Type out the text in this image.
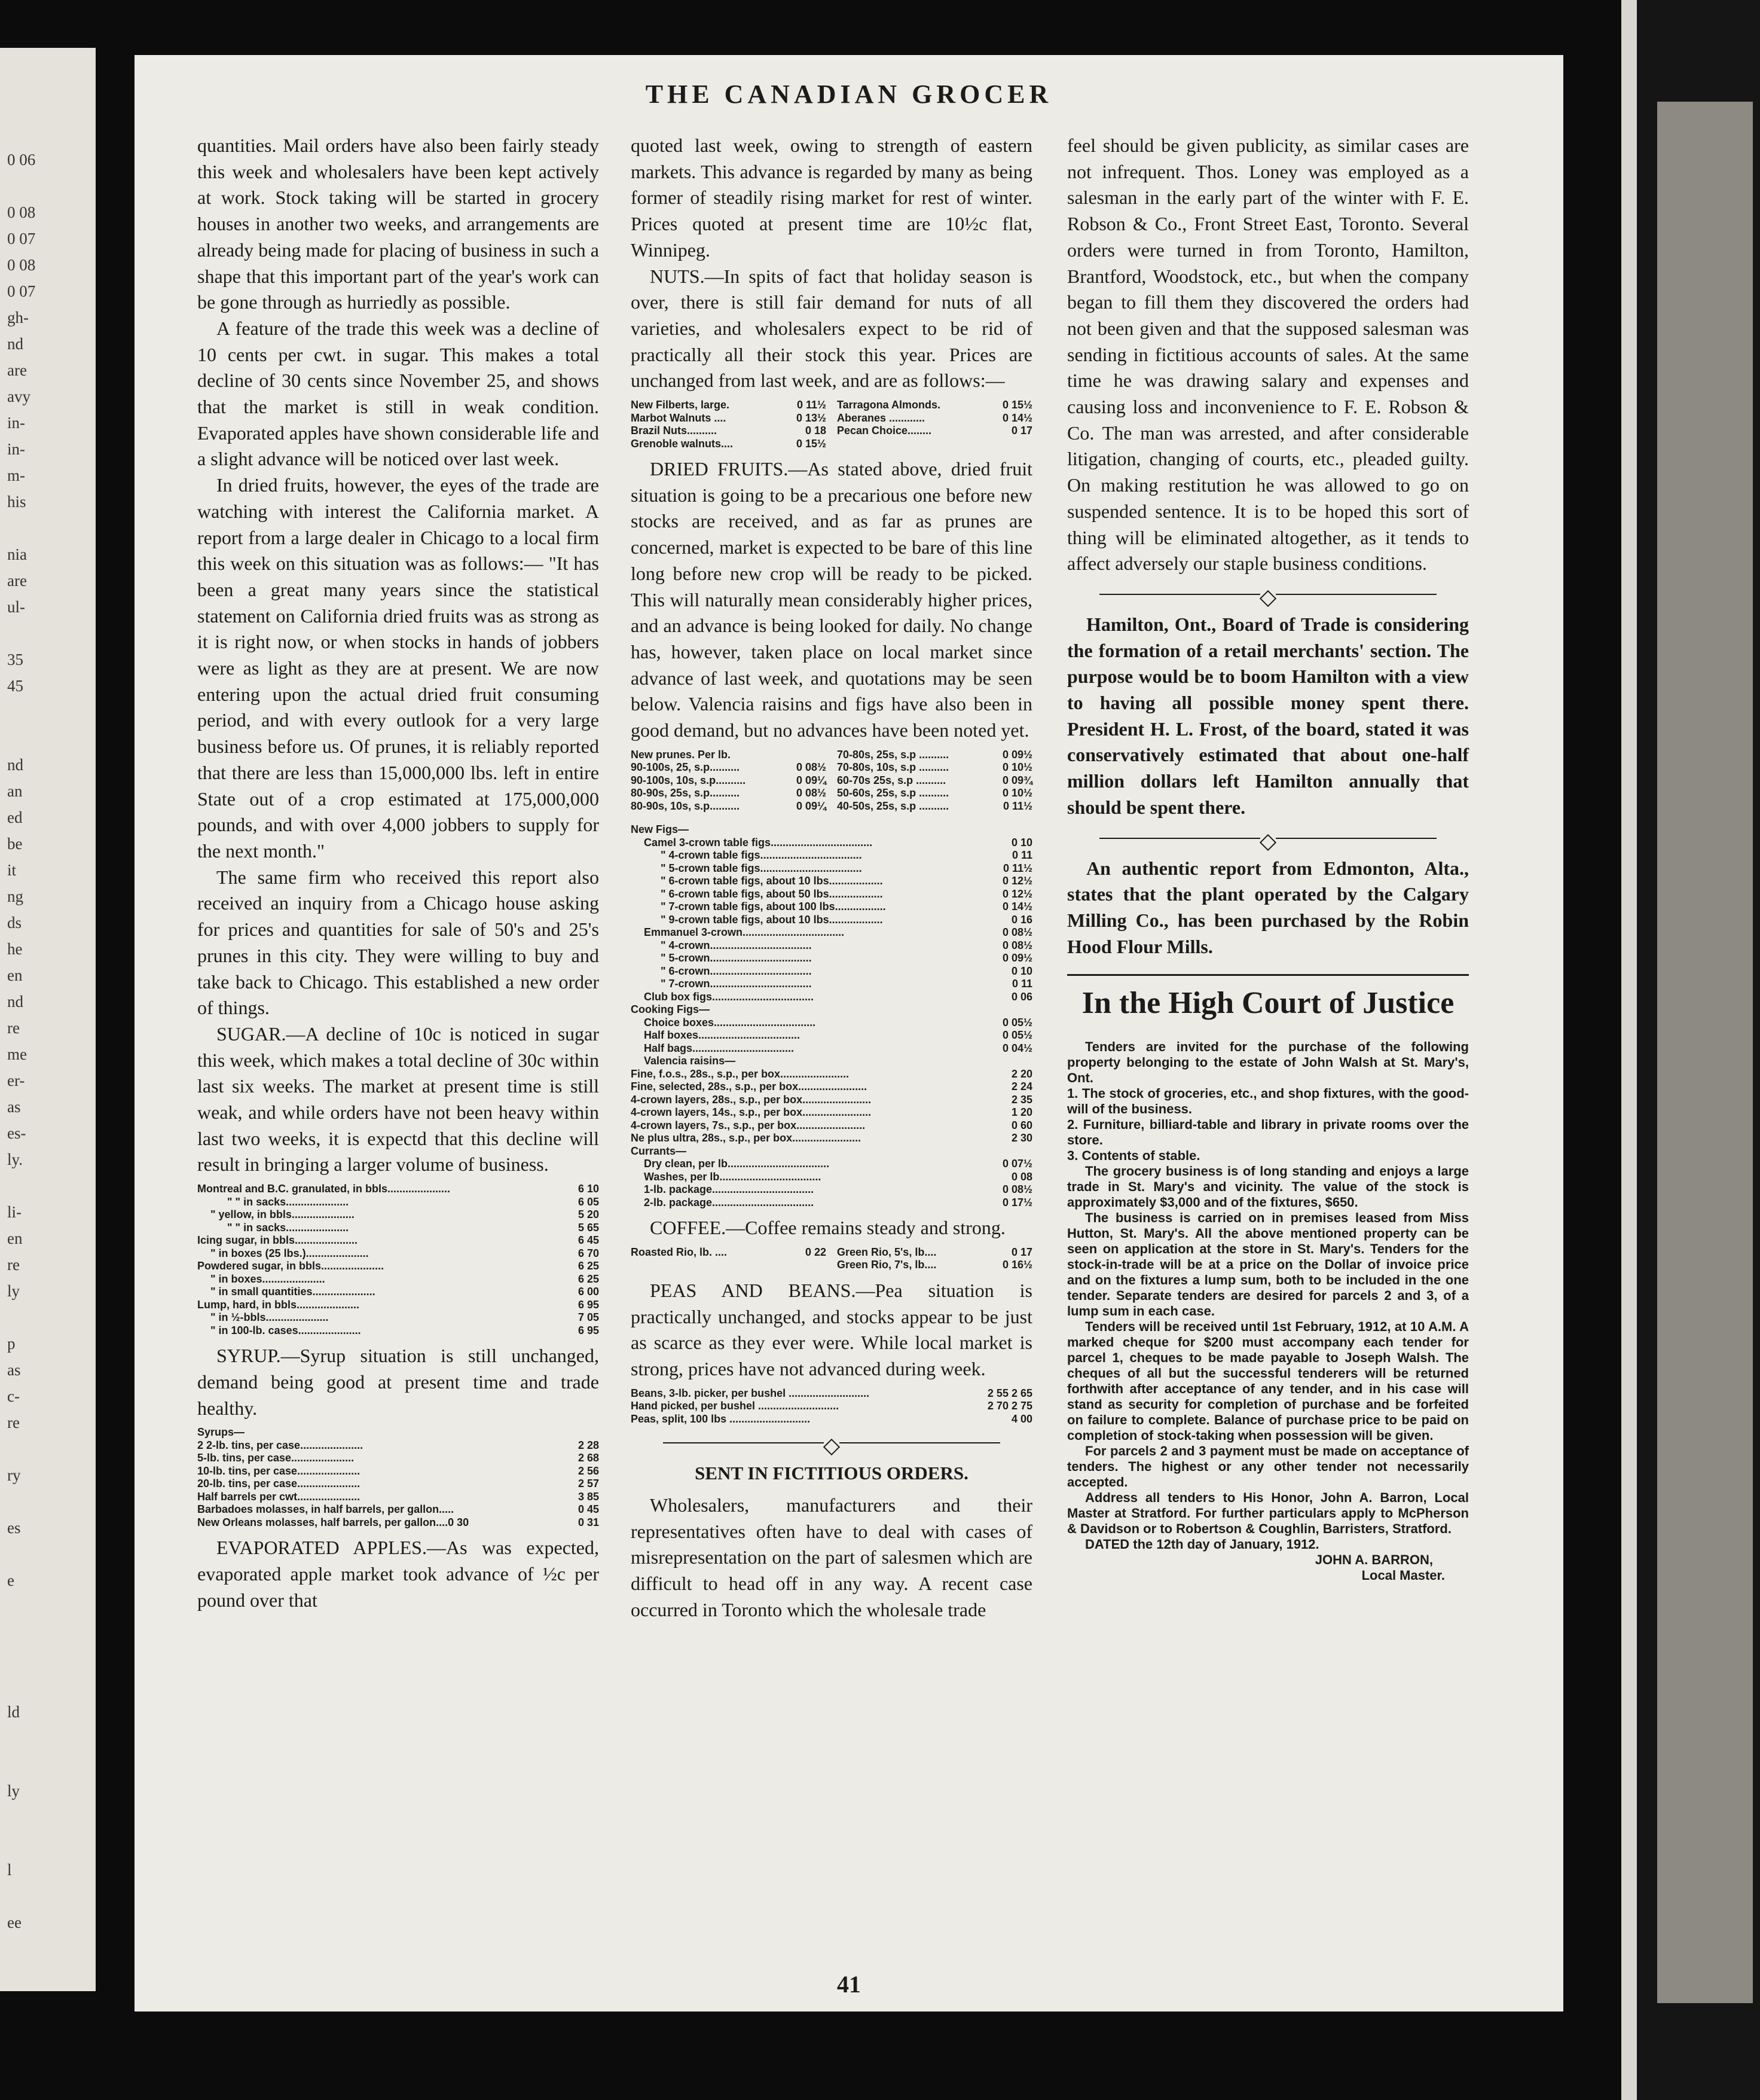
0 06
0 08
0 07
0 08
0 07
gh-
nd
are
avy
in-
in-
m-
his
nia
are
ul-
35
45
nd
an
ed
be
it
ng
ds
he
en
nd
re
me
er-
as
es-
ly.
li-
en
re
ly
p
as
c-
re
ry
es
e
ld
ly
l
ee
THE CANADIAN GROCER

quantities. Mail orders have also been fairly steady this week and wholesalers have been kept actively at work. Stock taking will be started in grocery houses in another two weeks, and arrangements are already being made for placing of business in such a shape that this important part of the year's work can be gone through as hurriedly as possible.

A feature of the trade this week was a decline of 10 cents per cwt. in sugar. This makes a total decline of 30 cents since November 25, and shows that the market is still in weak condition. Evaporated apples have shown considerable life and a slight advance will be noticed over last week.

In dried fruits, however, the eyes of the trade are watching with interest the California market. A report from a large dealer in Chicago to a local firm this week on this situation was as follows:— "It has been a great many years since the statistical statement on California dried fruits was as strong as it is right now, or when stocks in hands of jobbers were as light as they are at present. We are now entering upon the actual dried fruit consuming period, and with every outlook for a very large business before us. Of prunes, it is reliably reported that there are less than 15,000,000 lbs. left in entire State out of a crop estimated at 175,000,000 pounds, and with over 4,000 jobbers to supply for the next month."

The same firm who received this report also received an inquiry from a Chicago house asking for prices and quantities for sale of 50's and 25's prunes in this city. They were willing to buy and take back to Chicago. This established a new order of things.

SUGAR.—A decline of 10c is noticed in sugar this week, which makes a total decline of 30c within last six weeks. The market at present time is still weak, and while orders have not been heavy within last two weeks, it is expectd that this decline will result in bringing a larger volume of business.

Montreal and B.C. granulated, in bbls.....................	6 10
" " in sacks.....................	6 05
" yellow, in bbls.....................	5 20
" " in sacks.....................	5 65
Icing sugar, in bbls.....................	6 45
" in boxes (25 lbs.).....................	6 70
Powdered sugar, in bbls.....................	6 25
" in boxes.....................	6 25
" in small quantities.....................	6 00
Lump, hard, in bbls.....................	6 95
" in ½-bbls.....................	7 05
" in 100-lb. cases.....................	6 95

SYRUP.—Syrup situation is still unchanged, demand being good at present time and trade healthy.

Syrups—
2 2-lb. tins, per case.....................	2 28
5-lb. tins, per case.....................	2 68
10-lb. tins, per case.....................	2 56
20-lb. tins, per case.....................	2 57
Half barrels per cwt.....................	3 85
Barbadoes molasses, in half barrels, per gallon.....	0 45
New Orleans molasses, half barrels, per gallon....0 30	0 31

EVAPORATED APPLES.—As was expected, evaporated apple market took advance of ½c per pound over that

quoted last week, owing to strength of eastern markets. This advance is regarded by many as being former of steadily rising market for rest of winter. Prices quoted at present time are 10½c flat, Winnipeg.

NUTS.—In spits of fact that holiday season is over, there is still fair demand for nuts of all varieties, and wholesalers expect to be rid of practically all their stock this year. Prices are unchanged from last week, and are as follows:—

New Filberts, large.	0 11½
Marbot Walnuts ....	0 13½
Brazil Nuts..........	0 18
Grenoble walnuts....	0 15½
Tarragona Almonds.	0 15½
Aberanes ............	0 14½
Pecan Choice........	0 17

DRIED FRUITS.—As stated above, dried fruit situation is going to be a precarious one before new stocks are received, and as far as prunes are concerned, market is expected to be bare of this line long before new crop will be ready to be picked. This will naturally mean considerably higher prices, and an advance is being looked for daily. No change has, however, taken place on local market since advance of last week, and quotations may be seen below. Valencia raisins and figs have also been in good demand, but no advances have been noted yet.

New prunes. Per lb.
90-100s, 25, s.p..........	0 08½
90-100s, 10s, s.p..........	0 09¼
80-90s, 25s, s.p..........	0 08½
80-90s, 10s, s.p..........	0 09¼
70-80s, 25s, s.p ..........	0 09½
70-80s, 10s, s.p ..........	0 10½
60-70s 25s, s.p ..........	0 09¾
50-60s, 25s, s.p ..........	0 10½
40-50s, 25s, s.p ..........	0 11½
New Figs—
Camel 3-crown table figs..................................	0 10
" 4-crown table figs..................................	0 11
" 5-crown table figs..................................	0 11½
" 6-crown table figs, about 10 lbs..................	0 12½
" 6-crown table figs, about 50 lbs..................	0 12½
" 7-crown table figs, about 100 lbs.................	0 14½
" 9-crown table figs, about 10 lbs..................	0 16
Emmanuel 3-crown..................................	0 08½
" 4-crown..................................	0 08½
" 5-crown..................................	0 09½
" 6-crown..................................	0 10
" 7-crown..................................	0 11
Club box figs..................................	0 06
Cooking Figs—
Choice boxes..................................	0 05½
Half boxes..................................	0 05½
Half bags..................................	0 04½
Valencia raisins—
Fine, f.o.s., 28s., s.p., per box.......................	2 20
Fine, selected, 28s., s.p., per box.......................	2 24
4-crown layers, 28s., s.p., per box.......................	2 35
4-crown layers, 14s., s.p., per box.......................	1 20
4-crown layers, 7s., s.p., per box.......................	0 60
Ne plus ultra, 28s., s.p., per box.......................	2 30
Currants—
Dry clean, per lb..................................	0 07½
Washes, per lb..................................	0 08
1-lb. package..................................	0 08½
2-lb. package..................................	0 17½

COFFEE.—Coffee remains steady and strong.

Roasted Rio, lb. ....	0 22 Green Rio, 5's, lb....	0 17
Green Rio, 7's, lb....	0 16½

PEAS AND BEANS.—Pea situation is practically unchanged, and stocks appear to be just as scarce as they ever were. While local market is strong, prices have not advanced during week.

Beans, 3-lb. picker, per bushel ...........................	2 55 2 65
Hand picked, per bushel ...........................	2 70 2 75
Peas, split, 100 lbs ...........................	4 00

SENT IN FICTITIOUS ORDERS.

Wholesalers, manufacturers and their representatives often have to deal with cases of misrepresentation on the part of salesmen which are difficult to head off in any way. A recent case occurred in Toronto which the wholesale trade

feel should be given publicity, as similar cases are not infrequent. Thos. Loney was employed as a salesman in the early part of the winter with F. E. Robson & Co., Front Street East, Toronto. Several orders were turned in from Toronto, Hamilton, Brantford, Woodstock, etc., but when the company began to fill them they discovered the orders had not been given and that the supposed salesman was sending in fictitious accounts of sales. At the same time he was drawing salary and expenses and causing loss and inconvenience to F. E. Robson & Co. The man was arrested, and after considerable litigation, changing of courts, etc., pleaded guilty. On making restitution he was allowed to go on suspended sentence. It is to be hoped this sort of thing will be eliminated altogether, as it tends to affect adversely our staple business conditions.

Hamilton, Ont., Board of Trade is considering the formation of a retail merchants' section. The purpose would be to boom Hamilton with a view to having all possible money spent there. President H. L. Frost, of the board, stated it was conservatively estimated that about one-half million dollars left Hamilton annually that should be spent there.

An authentic report from Edmonton, Alta., states that the plant operated by the Calgary Milling Co., has been purchased by the Robin Hood Flour Mills.

In the High Court of Justice

Tenders are invited for the purchase of the following property belonging to the estate of John Walsh at St. Mary's, Ont.

1. The stock of groceries, etc., and shop fixtures, with the good-will of the business.

2. Furniture, billiard-table and library in private rooms over the store.

3. Contents of stable.

The grocery business is of long standing and enjoys a large trade in St. Mary's and vicinity. The value of the stock is approximately $3,000 and of the fixtures, $650.

The business is carried on in premises leased from Miss Hutton, St. Mary's. All the above mentioned property can be seen on application at the store in St. Mary's. Tenders for the stock-in-trade will be at a price on the Dollar of invoice price and on the fixtures a lump sum, both to be included in the one tender. Separate tenders are desired for parcels 2 and 3, of a lump sum in each case.

Tenders will be received until 1st February, 1912, at 10 A.M. A marked cheque for $200 must accompany each tender for parcel 1, cheques to be made payable to Joseph Walsh. The cheques of all but the successful tenderers will be returned forthwith after acceptance of any tender, and in his case will stand as security for completion of purchase and be forfeited on failure to complete. Balance of purchase price to be paid on completion of stock-taking when possession will be given.

For parcels 2 and 3 payment must be made on acceptance of tenders. The highest or any other tender not necessarily accepted.

Address all tenders to His Honor, John A. Barron, Local Master at Stratford. For further particulars apply to McPherson & Davidson or to Robertson & Coughlin, Barristers, Stratford.

DATED the 12th day of January, 1912.

JOHN A. BARRON,
Local Master.
41
